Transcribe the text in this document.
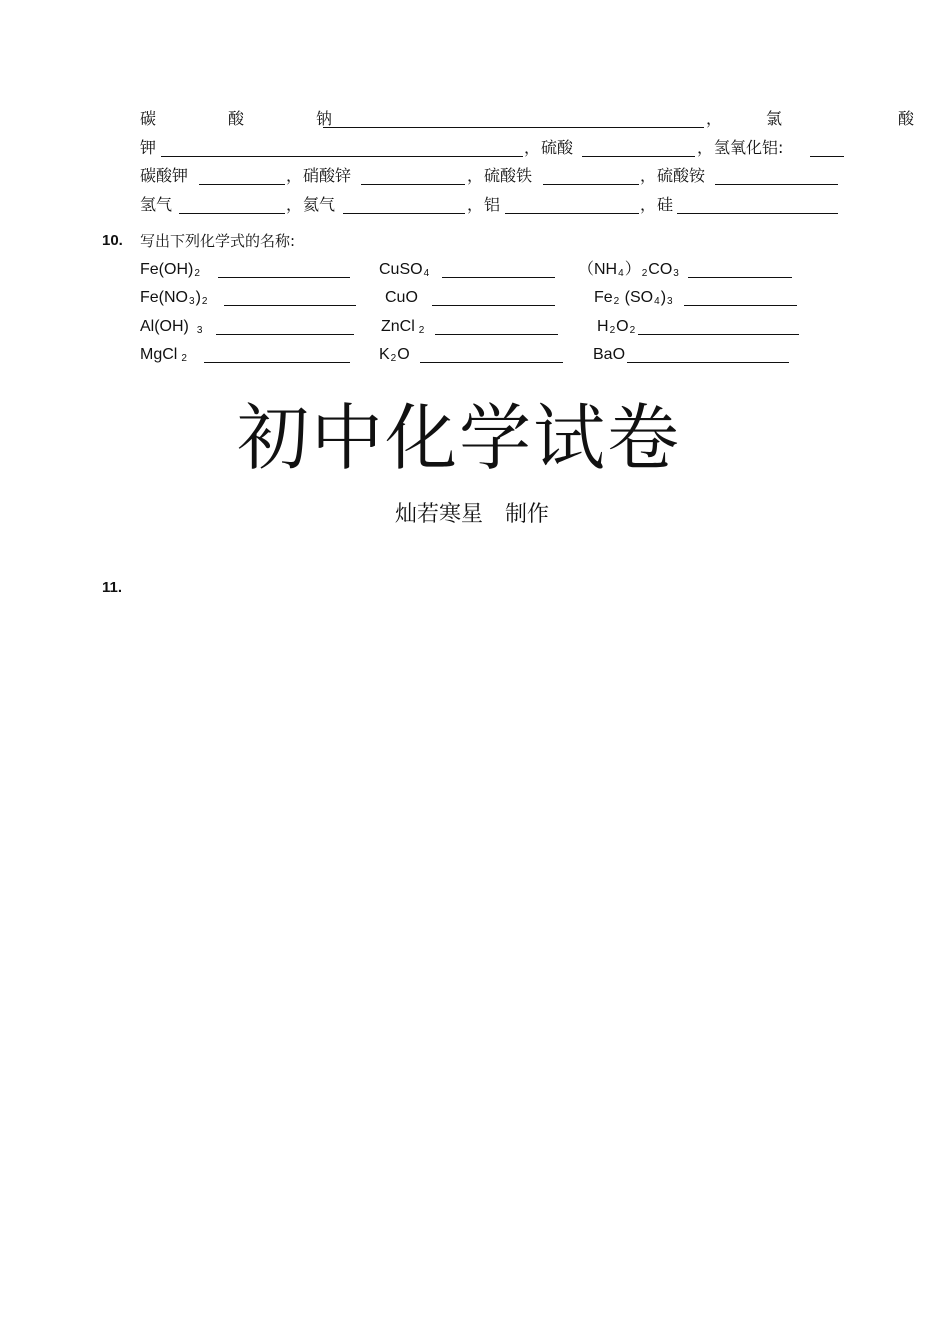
碳　酸　钠	，	氯　　酸
钾	， 硫酸	， 氢氧化铝:
碳酸钾	， 硝酸锌	， 硫酸铁	， 硫酸铵
氢气	， 氦气	， 铝	， 硅
10. 写出下列化学式的名称:
$Fe(OH)_2$	CuSO$_4$	$(NH_4)_2CO_3$
$Fe(NO_3)_2$	CuO	$Fe_2$ $(SO_4)_3$
Al(OH) $_3$	ZnCl $_2$	$H_2O_2$
MgCl $_2$	$K_2O$	BaO
初中化学试卷
灿若寒星　制作
11.
